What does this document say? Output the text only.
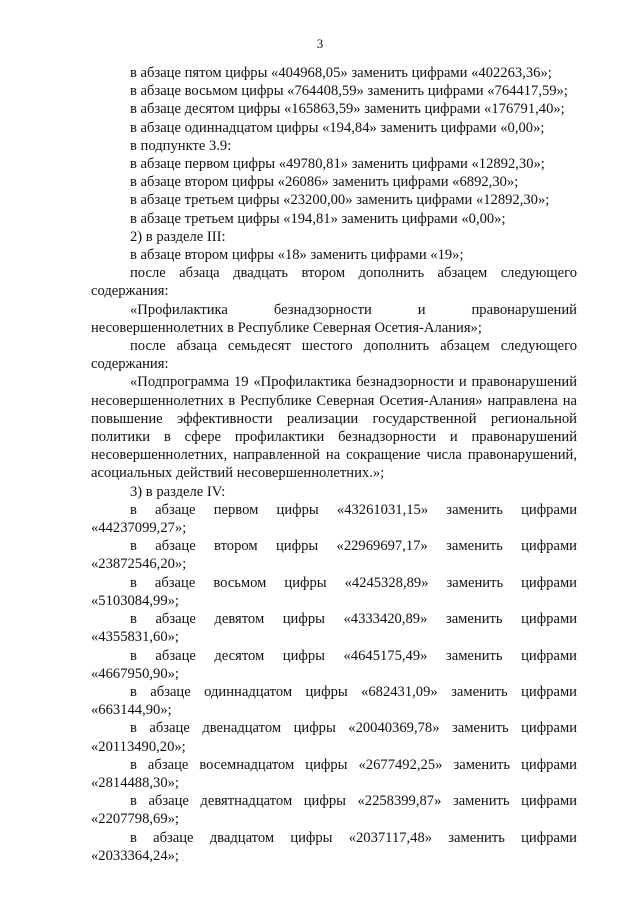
3

в абзаце пятом цифры «404968,05» заменить цифрами «402263,36»;

в абзаце восьмом цифры «764408,59» заменить цифрами «764417,59»;

в абзаце десятом цифры «165863,59» заменить цифрами «176791,40»;

в абзаце одиннадцатом цифры «194,84» заменить цифрами «0,00»;

в подпункте 3.9:

в абзаце первом цифры «49780,81» заменить цифрами «12892,30»;

в абзаце втором цифры «26086» заменить цифрами «6892,30»;

в абзаце третьем цифры «23200,00» заменить цифрами «12892,30»;

в абзаце третьем цифры «194,81» заменить цифрами «0,00»;

2) в разделе III:

в абзаце втором цифры «18» заменить цифрами «19»;

после абзаца двадцать втором дополнить абзацем следующего содержания:

«Профилактика безнадзорности и правонарушений несовершеннолетних в Республике Северная Осетия-Алания»;

после абзаца семьдесят шестого дополнить абзацем следующего содержания:

«Подпрограмма 19 «Профилактика безнадзорности и правонарушений несовершеннолетних в Республике Северная Осетия-Алания» направлена на повышение эффективности реализации государственной региональной политики в сфере профилактики безнадзорности и правонарушений несовершеннолетних, направленной на сокращение числа правонарушений, асоциальных действий несовершеннолетних.»;

3) в разделе IV:

в абзаце первом цифры «43261031,15» заменить цифрами «44237099,27»;

в абзаце втором цифры «22969697,17» заменить цифрами «23872546,20»;

в абзаце восьмом цифры «4245328,89» заменить цифрами «5103084,99»;

в абзаце девятом цифры «4333420,89» заменить цифрами «4355831,60»;

в абзаце десятом цифры «4645175,49» заменить цифрами «4667950,90»;

в абзаце одиннадцатом цифры «682431,09» заменить цифрами «663144,90»;

в абзаце двенадцатом цифры «20040369,78» заменить цифрами «20113490,20»;

в абзаце восемнадцатом цифры «2677492,25» заменить цифрами «2814488,30»;

в абзаце девятнадцатом цифры «2258399,87» заменить цифрами «2207798,69»;

в абзаце двадцатом цифры «2037117,48» заменить цифрами «2033364,24»;
